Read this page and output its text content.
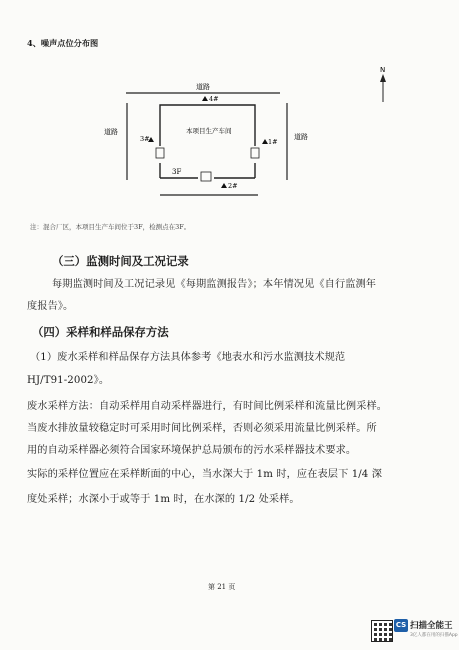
4、噪声点位分布图
N
道路
道路
道路
本项目生产车间
3F
4#
1#
3#
2#
注：混合厂区，本项目生产车间位于3F，检测点在3F。
（三）监测时间及工况记录
每期监测时间及工况记录见《每期监测报告》；本年情况见《自行监测年
度报告》。
（四）采样和样品保存方法
（1）废水采样和样品保存方法具体参考《地表水和污水监测技术规范
HJ/T91-2002》。
废水采样方法：自动采样用自动采样器进行，有时间比例采样和流量比例采样。
当废水排放量较稳定时可采用时间比例采样，否则必须采用流量比例采样。所
用的自动采样器必须符合国家环境保护总局颁布的污水采样器技术要求。
实际的采样位置应在采样断面的中心，当水深大于 1m 时，应在表层下 1/4 深
度处采样；水深小于或等于 1m 时，在水深的 1/2 处采样。
第 21 页
CS 扫描全能王
3亿人都在用的扫描App
